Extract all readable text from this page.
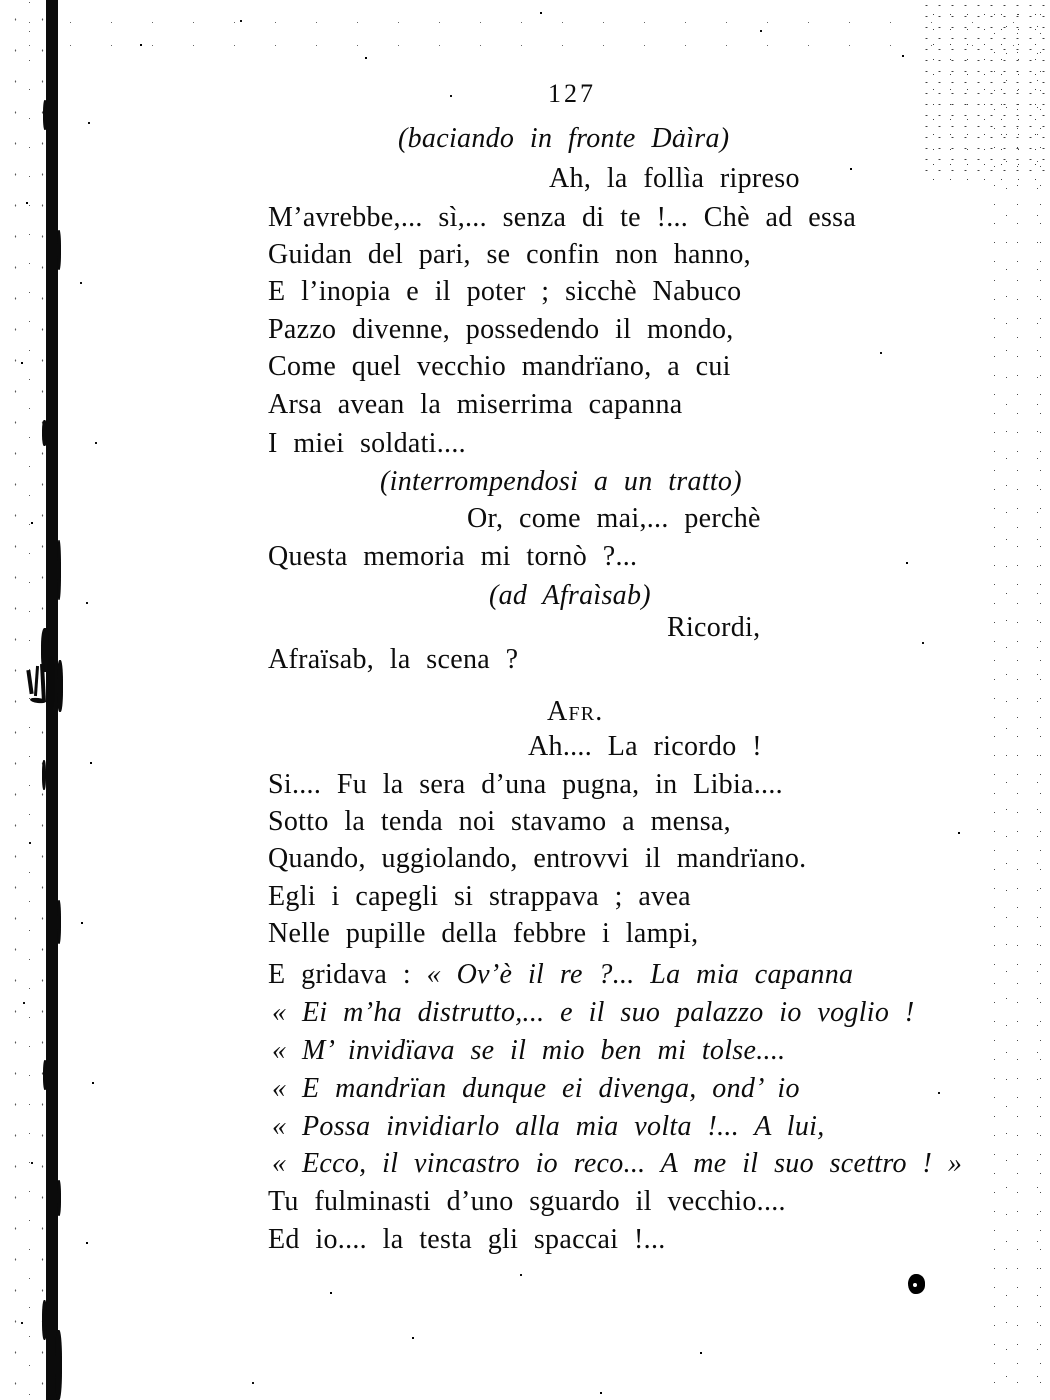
127
(baciando in fronte Daìra)
Ah, la follìa ripreso
M’avrebbe,... sì,... senza di te !... Chè ad essa
Guidan del pari, se confin non hanno,
E l’inopia e il poter ; sicchè Nabuco
Pazzo divenne, possedendo il mondo,
Come quel vecchio mandrïano, a cui
Arsa avean la miserrima capanna
I miei soldati....
(interrompendosi a un tratto)
Or, come mai,... perchè
Questa memoria mi tornò ?...
(ad Afraìsab)
Ricordi,
Afraïsab, la scena ?
Afr.
Ah.... La ricordo !
Si.... Fu la sera d’una pugna, in Libia....
Sotto la tenda noi stavamo a mensa,
Quando, uggiolando, entrovvi il mandrïano.
Egli i capegli si strappava ; avea
Nelle pupille della febbre i lampi,
E gridava : « Ov’è il re ?... La mia capanna
« Ei m’ha distrutto,... e il suo palazzo io voglio !
« M’ invidïava se il mio ben mi tolse....
« E mandrïan dunque ei divenga, ond’ io
« Possa invidiarlo alla mia volta !... A lui,
« Ecco, il vincastro io reco... A me il suo scettro ! »
Tu fulminasti d’uno sguardo il vecchio....
Ed io.... la testa gli spaccai !...
